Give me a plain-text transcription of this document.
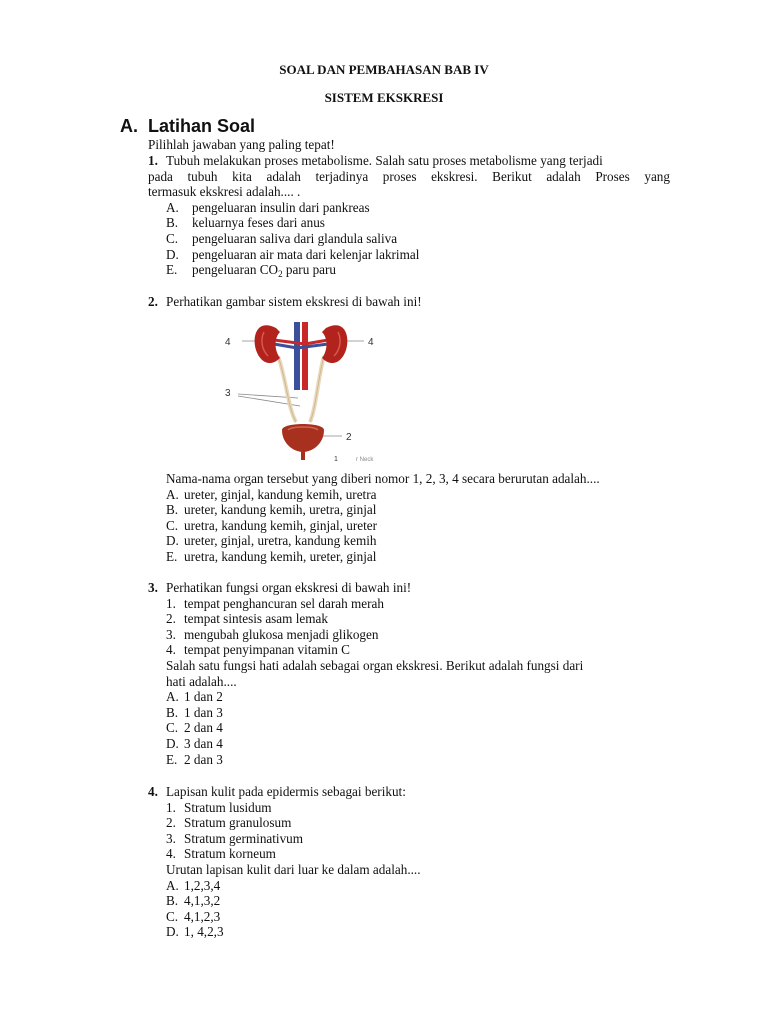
SOAL DAN PEMBAHASAN BAB IV
SISTEM EKSKRESI
A. Latihan Soal
Pilihlah jawaban yang paling tepat!
1. Tubuh melakukan proses metabolisme. Salah satu proses metabolisme yang terjadi
pada tubuh kita adalah terjadinya proses ekskresi. Berikut adalah Proses yang
termasuk ekskresi adalah.... .
A. pengeluaran insulin dari pankreas
B.	keluarnya feses dari anus
C.	pengeluaran saliva dari glandula saliva
D. pengeluaran air mata dari kelenjar lakrimal
E.	pengeluaran $CO_2$ paru paru
2. Perhatikan gambar sistem ekskresi di bawah ini!
4	4
3
2
1	r Neck
Nama-nama organ tersebut yang diberi nomor 1, 2, 3, 4 secara berurutan adalah....
A. ureter, ginjal, kandung kemih, uretra
B. ureter, kandung kemih, uretra, ginjal
C. uretra, kandung kemih, ginjal, ureter
D. ureter, ginjal, uretra, kandung kemih
E. uretra, kandung kemih, ureter, ginjal
3. Perhatikan fungsi organ ekskresi di bawah ini!
1. tempat penghancuran sel darah merah
2. tempat sintesis asam lemak
3. mengubah glukosa menjadi glikogen
4. tempat penyimpanan vitamin C
Salah satu fungsi hati adalah sebagai organ ekskresi. Berikut adalah fungsi dari
hati adalah....
A. 1 dan 2
B. 1 dan 3
C. 2 dan 4
D. 3 dan 4
E. 2 dan 3
4. Lapisan kulit pada epidermis sebagai berikut:
1. Stratum lusidum
2. Stratum granulosum
3. Stratum germinativum
4. Stratum korneum
Urutan lapisan kulit dari luar ke dalam adalah....
A. 1,2,3,4
B. 4,1,3,2
C. 4,1,2,3
D. 1, 4,2,3
